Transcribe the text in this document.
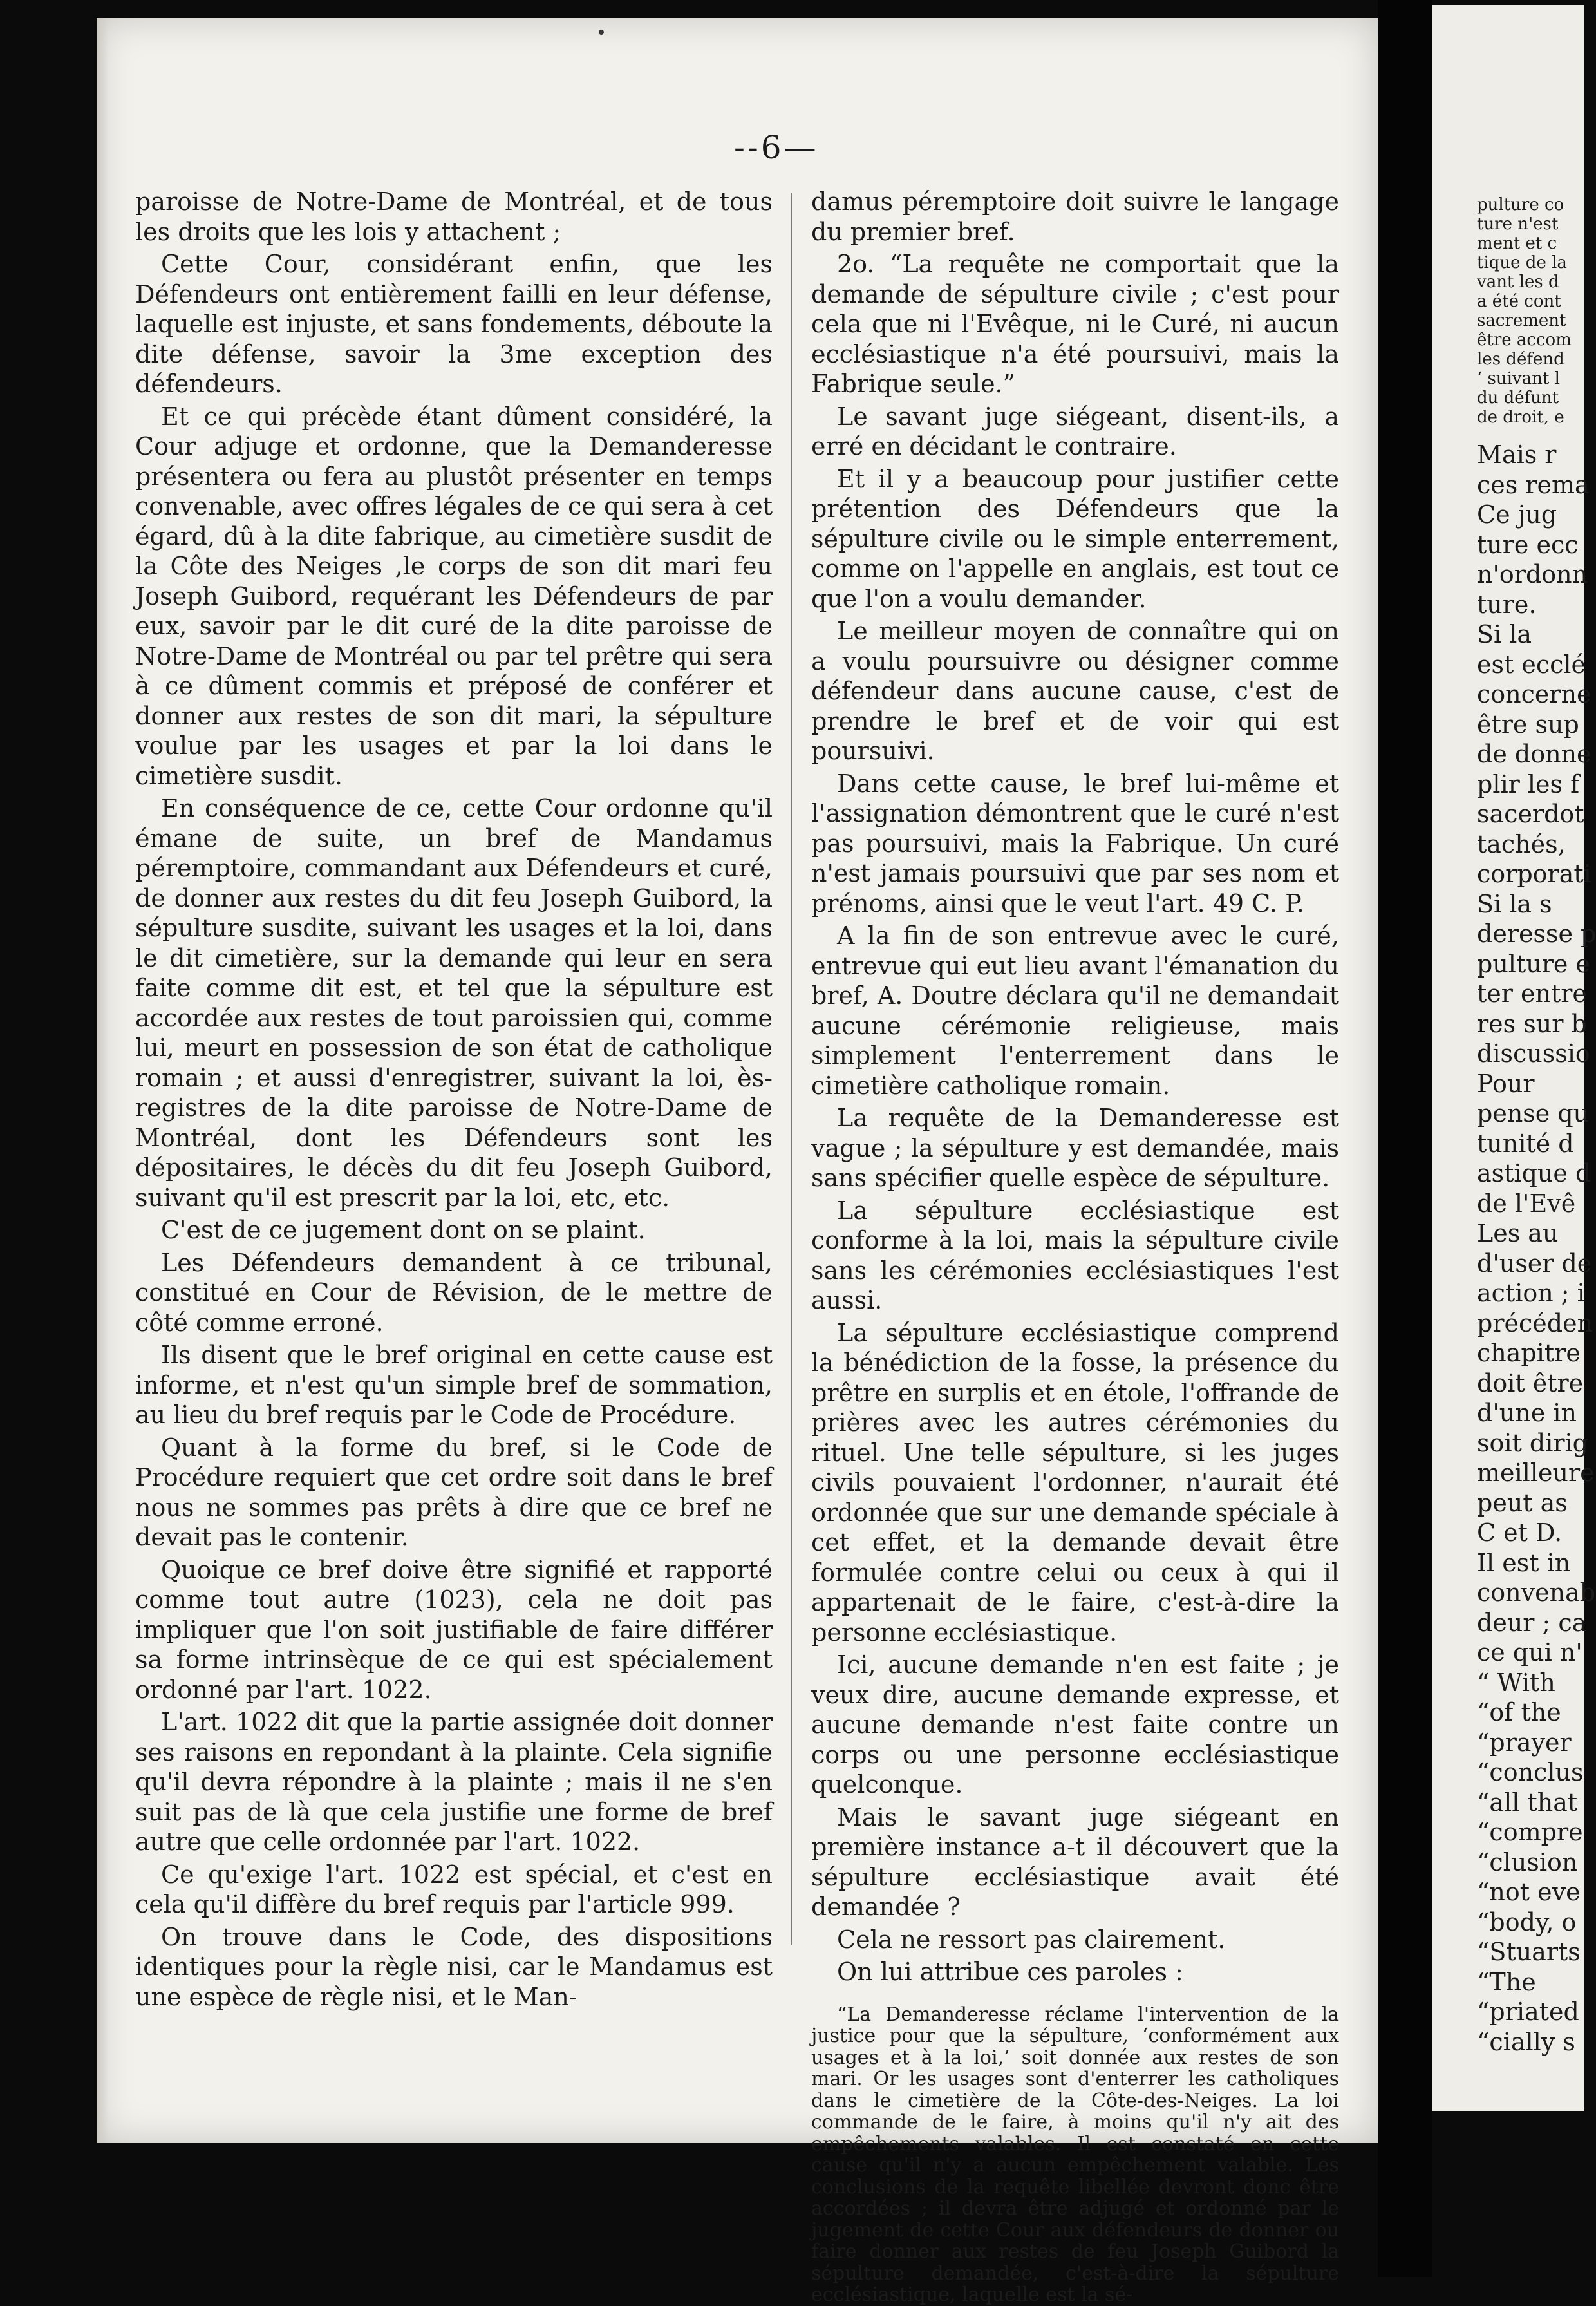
pulture co
ture n'est
ment et c
tique de la
vant les d
a été cont
sacrement
être accom
les défend
‘ suivant l
du défunt
de droit, e
Mais r
ces rema
Ce jug
ture ecc
n'ordonn
ture.
Si la
est ecclé
concerne
être sup
de donne
plir les f
sacerdot
tachés,
corporati
Si la s
deresse p
pulture e
ter entre
res sur b
discussio
Pour
pense qu
tunité d
astique d
de l'Evê
Les au
d'user de
action ; i
précéden
chapitre
doit être
d'une in
soit dirig
meilleure
peut as
C et D.
Il est in
convenab
deur ; ca
ce qui n'
“ With
“of the
“prayer
“conclus
“all that
“compre
“clusion
“not eve
“body, o
“Stuarts
“The
“priated
“cially s
--6—

paroisse de Notre-Dame de Montréal, et de tous les droits que les lois y attachent ;

Cette Cour, considérant enfin, que les Défendeurs ont entièrement failli en leur défense, laquelle est injuste, et sans fondements, déboute la dite défense, savoir la 3me exception des défendeurs.

Et ce qui précède étant dûment considéré, la Cour adjuge et ordonne, que la Demanderesse présentera ou fera au plustôt présenter en temps convenable, avec offres légales de ce qui sera à cet égard, dû à la dite fabrique, au cimetière susdit de la Côte des Neiges ,le corps de son dit mari feu Joseph Guibord, requérant les Défendeurs de par eux, savoir par le dit curé de la dite paroisse de Notre-Dame de Montréal ou par tel prêtre qui sera à ce dûment commis et préposé de conférer et donner aux restes de son dit mari, la sépulture voulue par les usages et par la loi dans le cimetière susdit.

En conséquence de ce, cette Cour ordonne qu'il émane de suite, un bref de Mandamus péremptoire, commandant aux Défendeurs et curé, de donner aux restes du dit feu Joseph Guibord, la sépulture susdite, suivant les usages et la loi, dans le dit cimetière, sur la demande qui leur en sera faite comme dit est, et tel que la sépulture est accordée aux restes de tout paroissien qui, comme lui, meurt en possession de son état de catholique romain ; et aussi d'enregistrer, suivant la loi, ès-registres de la dite paroisse de Notre-Dame de Montréal, dont les Défendeurs sont les dépositaires, le décès du dit feu Joseph Guibord, suivant qu'il est prescrit par la loi, etc, etc.

C'est de ce jugement dont on se plaint.

Les Défendeurs demandent à ce tribunal, constitué en Cour de Révision, de le mettre de côté comme erroné.

Ils disent que le bref original en cette cause est informe, et n'est qu'un simple bref de sommation, au lieu du bref requis par le Code de Procédure.

Quant à la forme du bref, si le Code de Procédure requiert que cet ordre soit dans le bref nous ne sommes pas prêts à dire que ce bref ne devait pas le contenir.

Quoique ce bref doive être signifié et rapporté comme tout autre (1023), cela ne doit pas impliquer que l'on soit justifiable de faire différer sa forme intrinsèque de ce qui est spécialement ordonné par l'art. 1022.

L'art. 1022 dit que la partie assignée doit donner ses raisons en repondant à la plainte. Cela signifie qu'il devra répondre à la plainte ; mais il ne s'en suit pas de là que cela justifie une forme de bref autre que celle ordonnée par l'art. 1022.

Ce qu'exige l'art. 1022 est spécial, et c'est en cela qu'il diffère du bref requis par l'article 999.

On trouve dans le Code, des dispositions identiques pour la règle nisi, car le Mandamus est une espèce de règle nisi, et le Man-

damus péremptoire doit suivre le langage du premier bref.

2o. “La requête ne comportait que la demande de sépulture civile ; c'est pour cela que ni l'Evêque, ni le Curé, ni aucun ecclésiastique n'a été poursuivi, mais la Fabrique seule.”

Le savant juge siégeant, disent-ils, a erré en décidant le contraire.

Et il y a beaucoup pour justifier cette prétention des Défendeurs que la sépulture civile ou le simple enterrement, comme on l'appelle en anglais, est tout ce que l'on a voulu demander.

Le meilleur moyen de connaître qui on a voulu poursuivre ou désigner comme défendeur dans aucune cause, c'est de prendre le bref et de voir qui est poursuivi.

Dans cette cause, le bref lui-même et l'assignation démontrent que le curé n'est pas poursuivi, mais la Fabrique. Un curé n'est jamais poursuivi que par ses nom et prénoms, ainsi que le veut l'art. 49 C. P.

A la fin de son entrevue avec le curé, entrevue qui eut lieu avant l'émanation du bref, A. Doutre déclara qu'il ne demandait aucune cérémonie religieuse, mais simplement l'enterrement dans le cimetière catholique romain.

La requête de la Demanderesse est vague ; la sépulture y est demandée, mais sans spécifier quelle espèce de sépulture.

La sépulture ecclésiastique est conforme à la loi, mais la sépulture civile sans les cérémonies ecclésiastiques l'est aussi.

La sépulture ecclésiastique comprend la bénédiction de la fosse, la présence du prêtre en surplis et en étole, l'offrande de prières avec les autres cérémonies du rituel. Une telle sépulture, si les juges civils pouvaient l'ordonner, n'aurait été ordonnée que sur une demande spéciale à cet effet, et la demande devait être formulée contre celui ou ceux à qui il appartenait de le faire, c'est-à-dire la personne ecclésiastique.

Ici, aucune demande n'en est faite ; je veux dire, aucune demande expresse, et aucune demande n'est faite contre un corps ou une personne ecclésiastique quelconque.

Mais le savant juge siégeant en première instance a-t il découvert que la sépulture ecclésiastique avait été demandée ?

Cela ne ressort pas clairement.

On lui attribue ces paroles :

“La Demanderesse réclame l'intervention de la justice pour que la sépulture, ‘conformément aux usages et à la loi,’ soit donnée aux restes de son mari. Or les usages sont d'enterrer les catholiques dans le cimetière de la Côte-des-Neiges. La loi commande de le faire, à moins qu'il n'y ait des empêchements valables. Il est constaté en cette cause qu'il n'y a aucun empêchement valable. Les conclusions de la requête libellée devront donc être accordées ; il devra être adjugé et ordonné par le jugement de cette Cour aux défendeurs de donner ou faire donner aux restes de feu Joseph Guibord la sépulture demandée, c'est-à-dire la sépulture ecclésiastique, laquelle est la sé-
